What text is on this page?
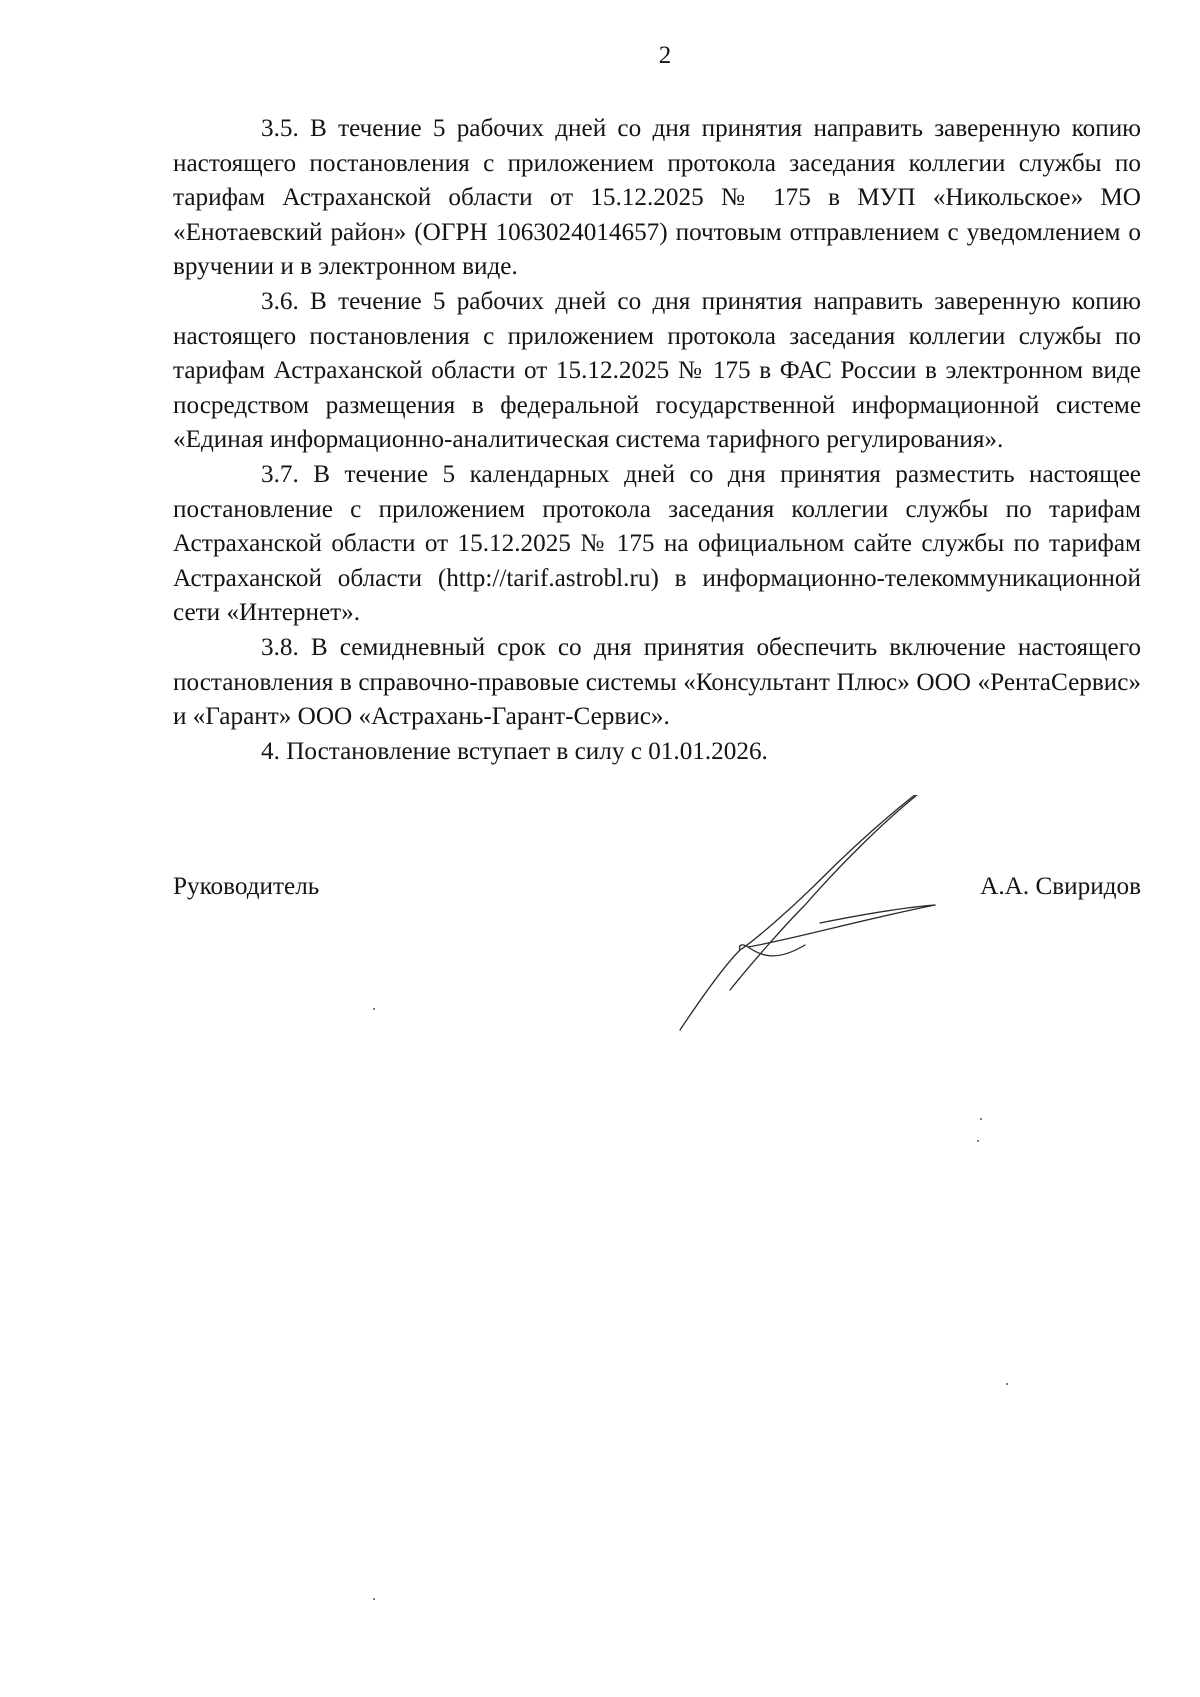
2

3.5. В течение 5 рабочих дней со дня принятия направить заверенную копию настоящего постановления с приложением протокола заседания коллегии службы по тарифам Астраханской области от 15.12.2025 № 175 в МУП «Никольское» МО «Енотаевский район» (ОГРН 1063024014657) почтовым отправлением с уведомлением о вручении и в электронном виде.

3.6. В течение 5 рабочих дней со дня принятия направить заверенную копию настоящего постановления с приложением протокола заседания коллегии службы по тарифам Астраханской области от 15.12.2025 № 175 в ФАС России в электронном виде посредством размещения в федеральной государственной информационной системе «Единая информационно-аналитическая система тарифного регулирования».

3.7. В течение 5 календарных дней со дня принятия разместить настоящее постановление с приложением протокола заседания коллегии службы по тарифам Астраханской области от 15.12.2025 № 175 на официальном сайте службы по тарифам Астраханской области (http://tarif.astrobl.ru) в информационно-телекоммуникационной сети «Интернет».

3.8. В семидневный срок со дня принятия обеспечить включение настоящего постановления в справочно-правовые системы «Консультант Плюс» ООО «РентаСервис» и «Гарант» ООО «Астрахань-Гарант-Сервис».

4. Постановление вступает в силу с 01.01.2026.

Руководитель	А.А. Свиридов
